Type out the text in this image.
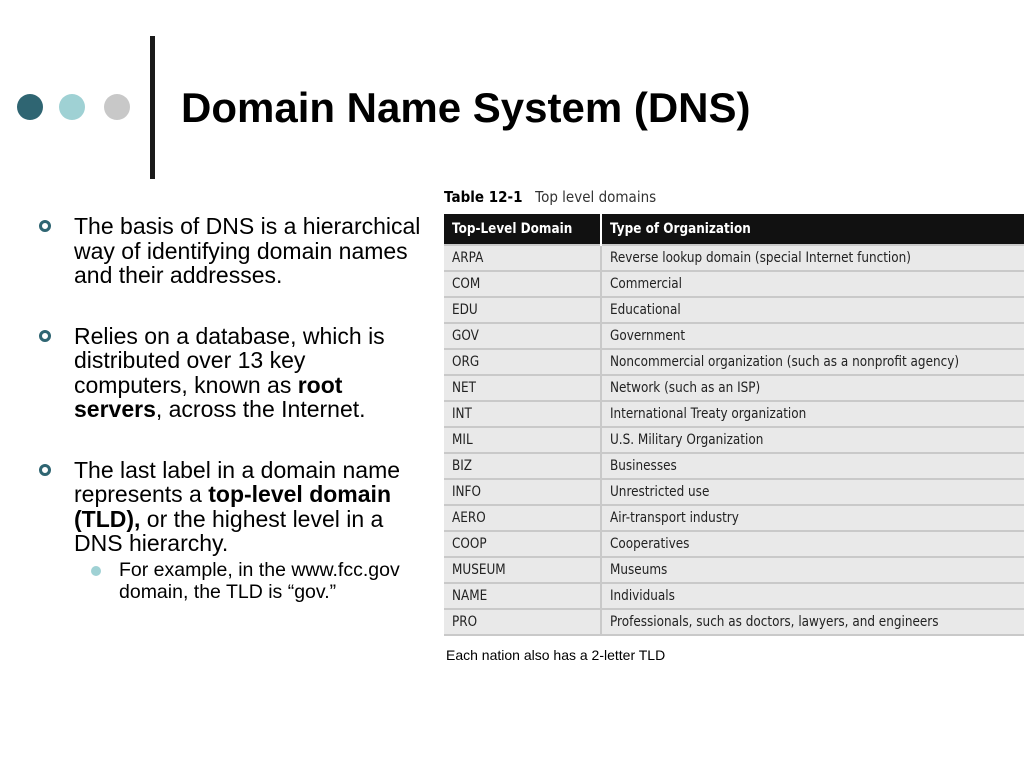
Domain Name System (DNS)
The basis of DNS is a hierarchical way of identifying domain names and their addresses.
Relies on a database, which is distributed over 13 key computers, known as root servers, across the Internet.
The last label in a domain name represents a top-level domain (TLD), or the highest level in a DNS hierarchy.
For example, in the www.fcc.gov domain, the TLD is “gov.”
Table 12-1 Top level domains
Top-Level Domain	Type of Organization
ARPA	Reverse lookup domain (special Internet function)
COM	Commercial
EDU	Educational
GOV	Government
ORG	Noncommercial organization (such as a nonprofit agency)
NET	Network (such as an ISP)
INT	International Treaty organization
MIL	U.S. Military Organization
BIZ	Businesses
INFO	Unrestricted use
AERO	Air-transport industry
COOP	Cooperatives
MUSEUM	Museums
NAME	Individuals
PRO	Professionals, such as doctors, lawyers, and engineers
Each nation also has a 2-letter TLD
